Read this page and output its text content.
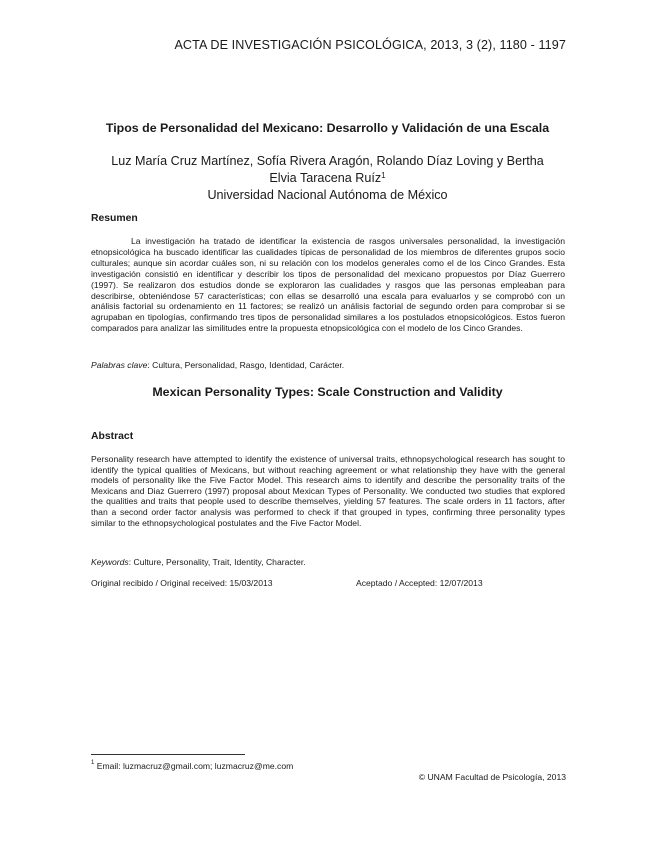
ACTA DE INVESTIGACIÓN PSICOLÓGICA, 2013, 3 (2), 1180 - 1197
Tipos de Personalidad del Mexicano: Desarrollo y Validación de una Escala
Luz María Cruz Martínez, Sofía Rivera Aragón, Rolando Díaz Loving y Bertha
Elvia Taracena Ruíz$^1$
Universidad Nacional Autónoma de México
Resumen
La investigación ha tratado de identificar la existencia de rasgos universales personalidad, la investigación etnopsicológica ha buscado identificar las cualidades típicas de personalidad de los miembros de diferentes grupos socio culturales; aunque sin acordar cuáles son, ni su relación con los modelos generales como el de los Cinco Grandes. Esta investigación consistió en identificar y describir los tipos de personalidad del mexicano propuestos por Díaz Guerrero (1997). Se realizaron dos estudios donde se exploraron las cualidades y rasgos que las personas empleaban para describirse, obteniéndose 57 características; con ellas se desarrolló una escala para evaluarlos y se comprobó con un análisis factorial su ordenamiento en 11 factores; se realizó un análisis factorial de segundo orden para comprobar si se agrupaban en tipologías, confirmando tres tipos de personalidad similares a los postulados etnopsicológicos. Estos fueron comparados para analizar las similitudes entre la propuesta etnopsicológica con el modelo de los Cinco Grandes.
Palabras clave: Cultura, Personalidad, Rasgo, Identidad, Carácter.
Mexican Personality Types: Scale Construction and Validity
Abstract
Personality research have attempted to identify the existence of universal traits, ethnopsychological research has sought to identify the typical qualities of Mexicans, but without reaching agreement or what relationship they have with the general models of personality like the Five Factor Model. This research aims to identify and describe the personality traits of the Mexicans and Diaz Guerrero (1997) proposal about Mexican Types of Personality. We conducted two studies that explored the qualities and traits that people used to describe themselves, yielding 57 features. The scale orders in 11 factors, after than a second order factor analysis was performed to check if that grouped in types, confirming three personality types similar to the ethnopsychological postulates and the Five Factor Model.
Keywords: Culture, Personality, Trait, Identity, Character.
Original recibido / Original received: 15/03/2013	Aceptado / Accepted: 12/07/2013
$^1$ Email: luzmacruz@gmail.com; luzmacruz@me.com
© UNAM Facultad de Psicología, 2013
